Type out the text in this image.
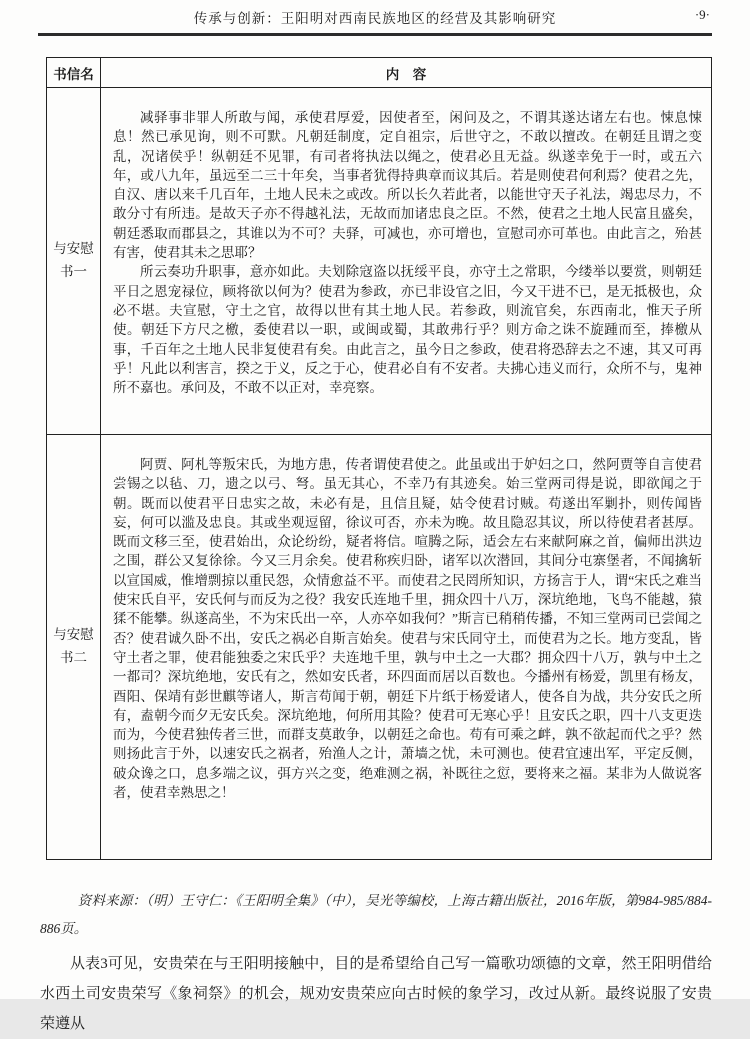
传承与创新：王阳明对西南民族地区的经营及其影响研究	·9·
书信名	内　容
与安慰书一	减驿事非罪人所敢与闻，承使君厚爱，因使者至，闲问及之，不谓其遂达诸左右也。悚息悚息！然已承见询，则不可默。凡朝廷制度，定自祖宗，后世守之，不敢以擅改。在朝廷且谓之变乱，况诸侯乎！纵朝廷不见罪，有司者将执法以绳之，使君必且无益。纵遂幸免于一时，或五六年，或八九年，虽远至二三十年矣，当事者犹得持典章而议其后。若是则使君何利焉？使君之先，自汉、唐以来千几百年，土地人民未之或改。所以长久若此者，以能世守天子礼法，竭忠尽力，不敢分寸有所违。是故天子亦不得越礼法，无故而加诸忠良之臣。不然，使君之土地人民富且盛矣，朝廷悉取而郡县之，其谁以为不可？夫驿，可减也，亦可增也，宣慰司亦可革也。由此言之，殆甚有害，使君其未之思耶？

所云奏功升职事，意亦如此。夫划除寇盗以抚绥平良，亦守土之常职，今缕举以要赏，则朝廷平日之恩宠禄位，顾将欲以何为？使君为参政，亦已非设官之旧，今又干进不已，是无抵极也，众必不堪。夫宣慰，守土之官，故得以世有其土地人民。若参政，则流官矣，东西南北，惟天子所使。朝廷下方尺之檄，委使君以一职，或闽或蜀，其敢弗行乎？则方命之诛不旋踵而至，捧檄从事，千百年之土地人民非复使君有矣。由此言之，虽今日之参政，使君将恐辞去之不速，其又可再乎！凡此以利害言，揆之于义，反之于心，使君必自有不安者。夫拂心违义而行，众所不与，鬼神所不嘉也。承问及，不敢不以正对，幸亮察。

与安慰书二	阿贾、阿札等叛宋氏，为地方患，传者谓使君使之。此虽或出于妒妇之口，然阿贾等自言使君尝锡之以毡、刀，遗之以弓、弩。虽无其心，不幸乃有其迹矣。始三堂两司得是说，即欲闻之于朝。既而以使君平日忠实之故，未必有是，且信且疑，姑令使君讨贼。苟遂出军剿扑，则传闻皆妄，何可以滥及忠良。其或坐观逗留，徐议可否，亦未为晚。故且隐忍其议，所以待使君者甚厚。既而文移三至，使君始出，众论纷纷，疑者将信。喧腾之际，适会左右来献阿麻之首，偏师出洪边之围，群公又复徐徐。今又三月余矣。使君称疾归卧，诸军以次潜回，其间分屯寨堡者，不闻擒斩以宣国威，惟增剽掠以重民怨，众情愈益不平。而使君之民罔所知识，方扬言于人，谓“宋氏之难当使宋氏自平，安氏何与而反为之役？我安氏连地千里，拥众四十八万，深坑绝地，飞鸟不能越，猿猱不能攀。纵遂高坐，不为宋氏出一卒，人亦卒如我何？”斯言已稍稍传播，不知三堂两司已尝闻之否？使君诚久卧不出，安氏之祸必自斯言始矣。使君与宋氏同守土，而使君为之长。地方变乱，皆守土者之罪，使君能独委之宋氏乎？夫连地千里，孰与中土之一大郡？拥众四十八万，孰与中土之一都司？深坑绝地，安氏有之，然如安氏者，环四面而居以百数也。今播州有杨爱，凯里有杨友，酉阳、保靖有彭世麒等诸人，斯言苟闻于朝，朝廷下片纸于杨爱诸人，使各自为战，共分安氏之所有，盍朝今而夕无安氏矣。深坑绝地，何所用其险？使君可无寒心乎！且安氏之职，四十八支更迭而为，今使君独传者三世，而群支莫敢争，以朝廷之命也。苟有可乘之衅，孰不欲起而代之乎？然则扬此言于外，以速安氏之祸者，殆渔人之计，萧墙之忧，未可测也。使君宜速出军，平定反侧，破众谗之口，息多端之议，弭方兴之变，绝难测之祸，补既往之愆，要将来之福。某非为人做说客者，使君幸熟思之！

资料来源：（明）王守仁：《王阳明全集》（中），吴光等编校，上海古籍出版社，2016年版，第984-985/884-886页。

从表3可见，安贵荣在与王阳明接触中，目的是希望给自己写一篇歌功颂德的文章，然王阳明借给水西土司安贵荣写《象祠祭》的机会，规劝安贵荣应向古时候的象学习，改过从新。最终说服了安贵荣遵从
